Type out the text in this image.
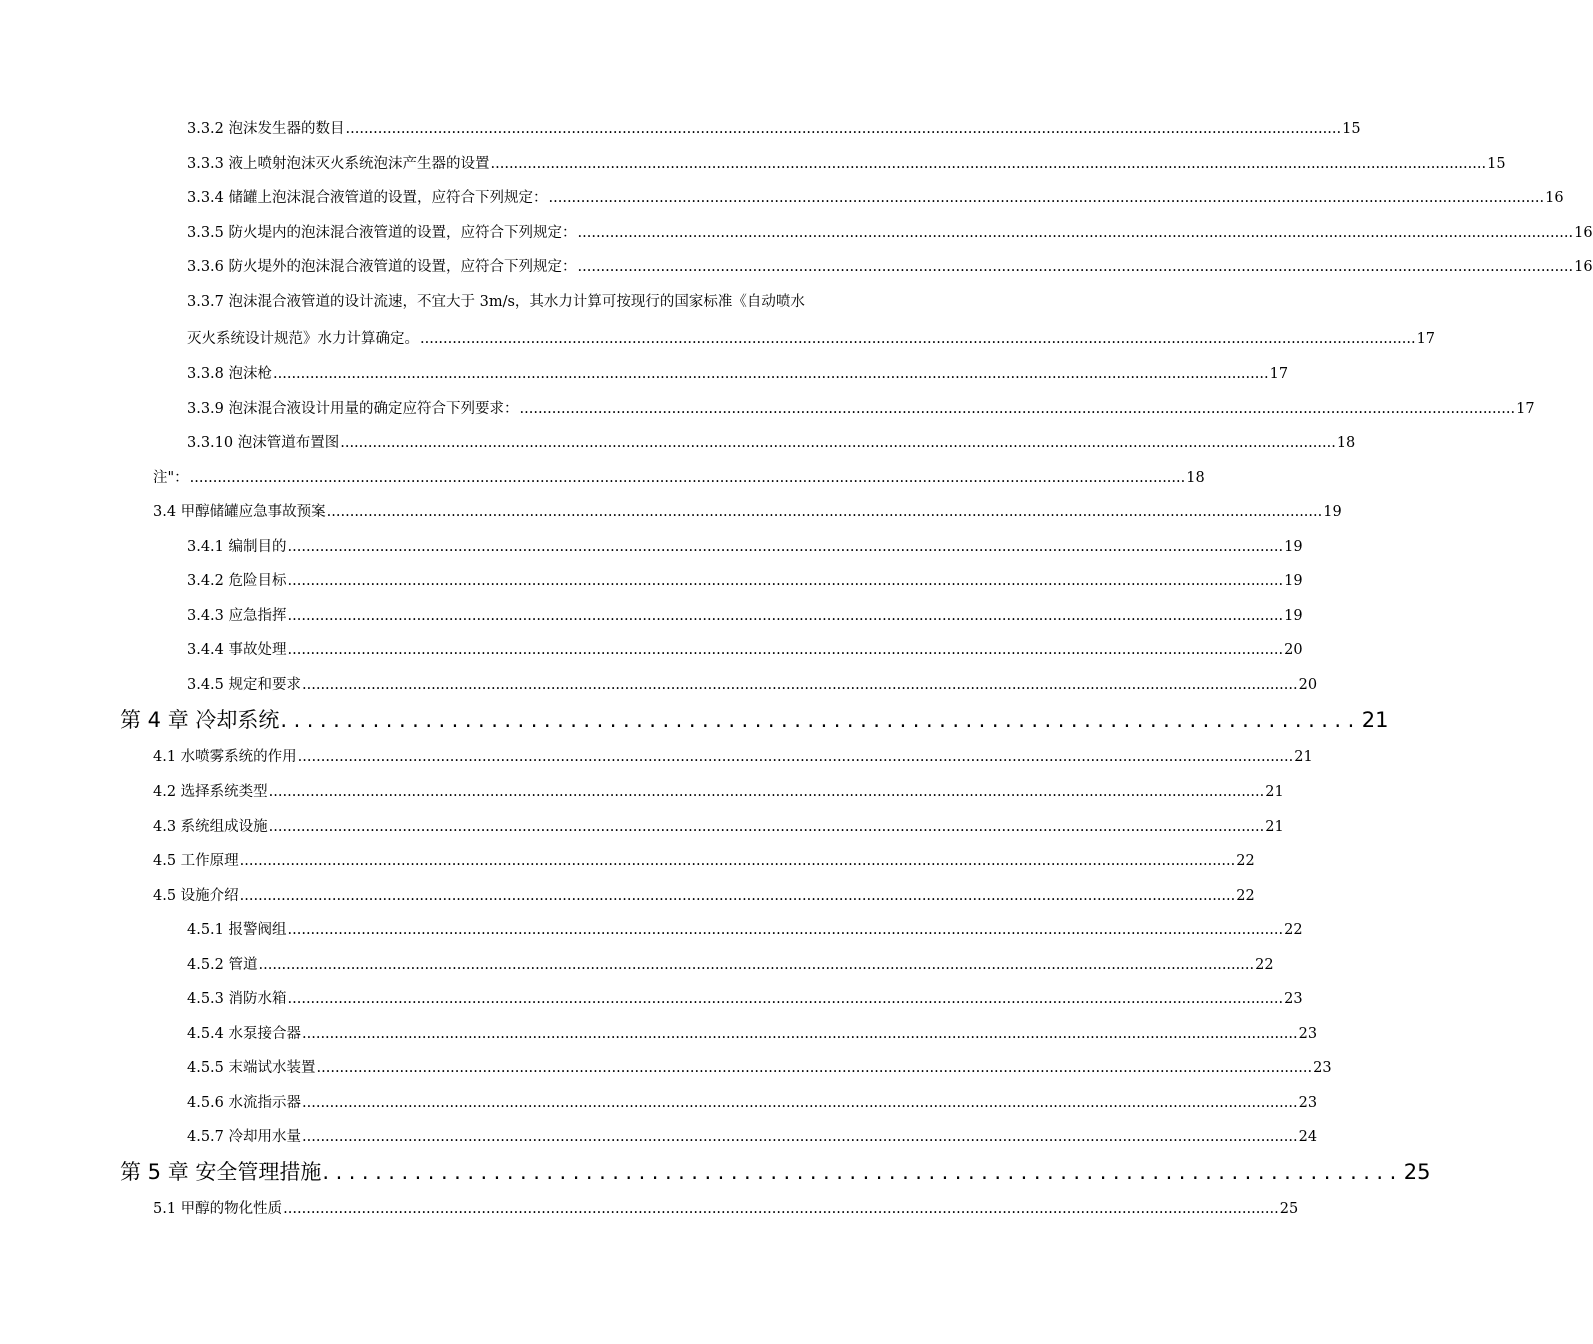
3.3.2 泡沫发生器的数目 ........................................................................................................................................................................................................................ 15
3.3.3 液上喷射泡沫灭火系统泡沫产生器的设置 ........................................................................................................................................................................................................................ 15
3.3.4 储罐上泡沫混合液管道的设置，应符合下列规定： ........................................................................................................................................................................................................................ 16
3.3.5 防火堤内的泡沫混合液管道的设置，应符合下列规定： ........................................................................................................................................................................................................................ 16
3.3.6 防火堤外的泡沫混合液管道的设置，应符合下列规定： ........................................................................................................................................................................................................................ 16
3.3.7 泡沫混合液管道的设计流速，不宜大于 3m/s，其水力计算可按现行的国家标准《自动喷水
灭火系统设计规范》水力计算确定。 ........................................................................................................................................................................................................................ 17
3.3.8 泡沫枪 ........................................................................................................................................................................................................................ 17
3.3.9 泡沫混合液设计用量的确定应符合下列要求： ........................................................................................................................................................................................................................ 17
3.3.10 泡沫管道布置图 ........................................................................................................................................................................................................................ 18
注"： ........................................................................................................................................................................................................................ 18
3.4 甲醇储罐应急事故预案 ........................................................................................................................................................................................................................ 19
3.4.1 编制目的 ........................................................................................................................................................................................................................ 19
3.4.2 危险目标 ........................................................................................................................................................................................................................ 19
3.4.3 应急指挥 ........................................................................................................................................................................................................................ 19
3.4.4 事故处理 ........................................................................................................................................................................................................................ 20
3.4.5 规定和要求 ........................................................................................................................................................................................................................ 20
第 4 章 冷却系统 .................................................................................. 21
4.1 水喷雾系统的作用 ........................................................................................................................................................................................................................ 21
4.2 选择系统类型 ........................................................................................................................................................................................................................ 21
4.3 系统组成设施 ........................................................................................................................................................................................................................ 21
4.5 工作原理 ........................................................................................................................................................................................................................ 22
4.5 设施介绍 ........................................................................................................................................................................................................................ 22
4.5.1 报警阀组 ........................................................................................................................................................................................................................ 22
4.5.2 管道 ........................................................................................................................................................................................................................ 22
4.5.3 消防水箱 ........................................................................................................................................................................................................................ 23
4.5.4 水泵接合器 ........................................................................................................................................................................................................................ 23
4.5.5 末端试水装置 ........................................................................................................................................................................................................................ 23
4.5.6 水流指示器 ........................................................................................................................................................................................................................ 23
4.5.7 冷却用水量 ........................................................................................................................................................................................................................ 24
第 5 章 安全管理措施 .................................................................................. 25
5.1 甲醇的物化性质 ........................................................................................................................................................................................................................ 25
